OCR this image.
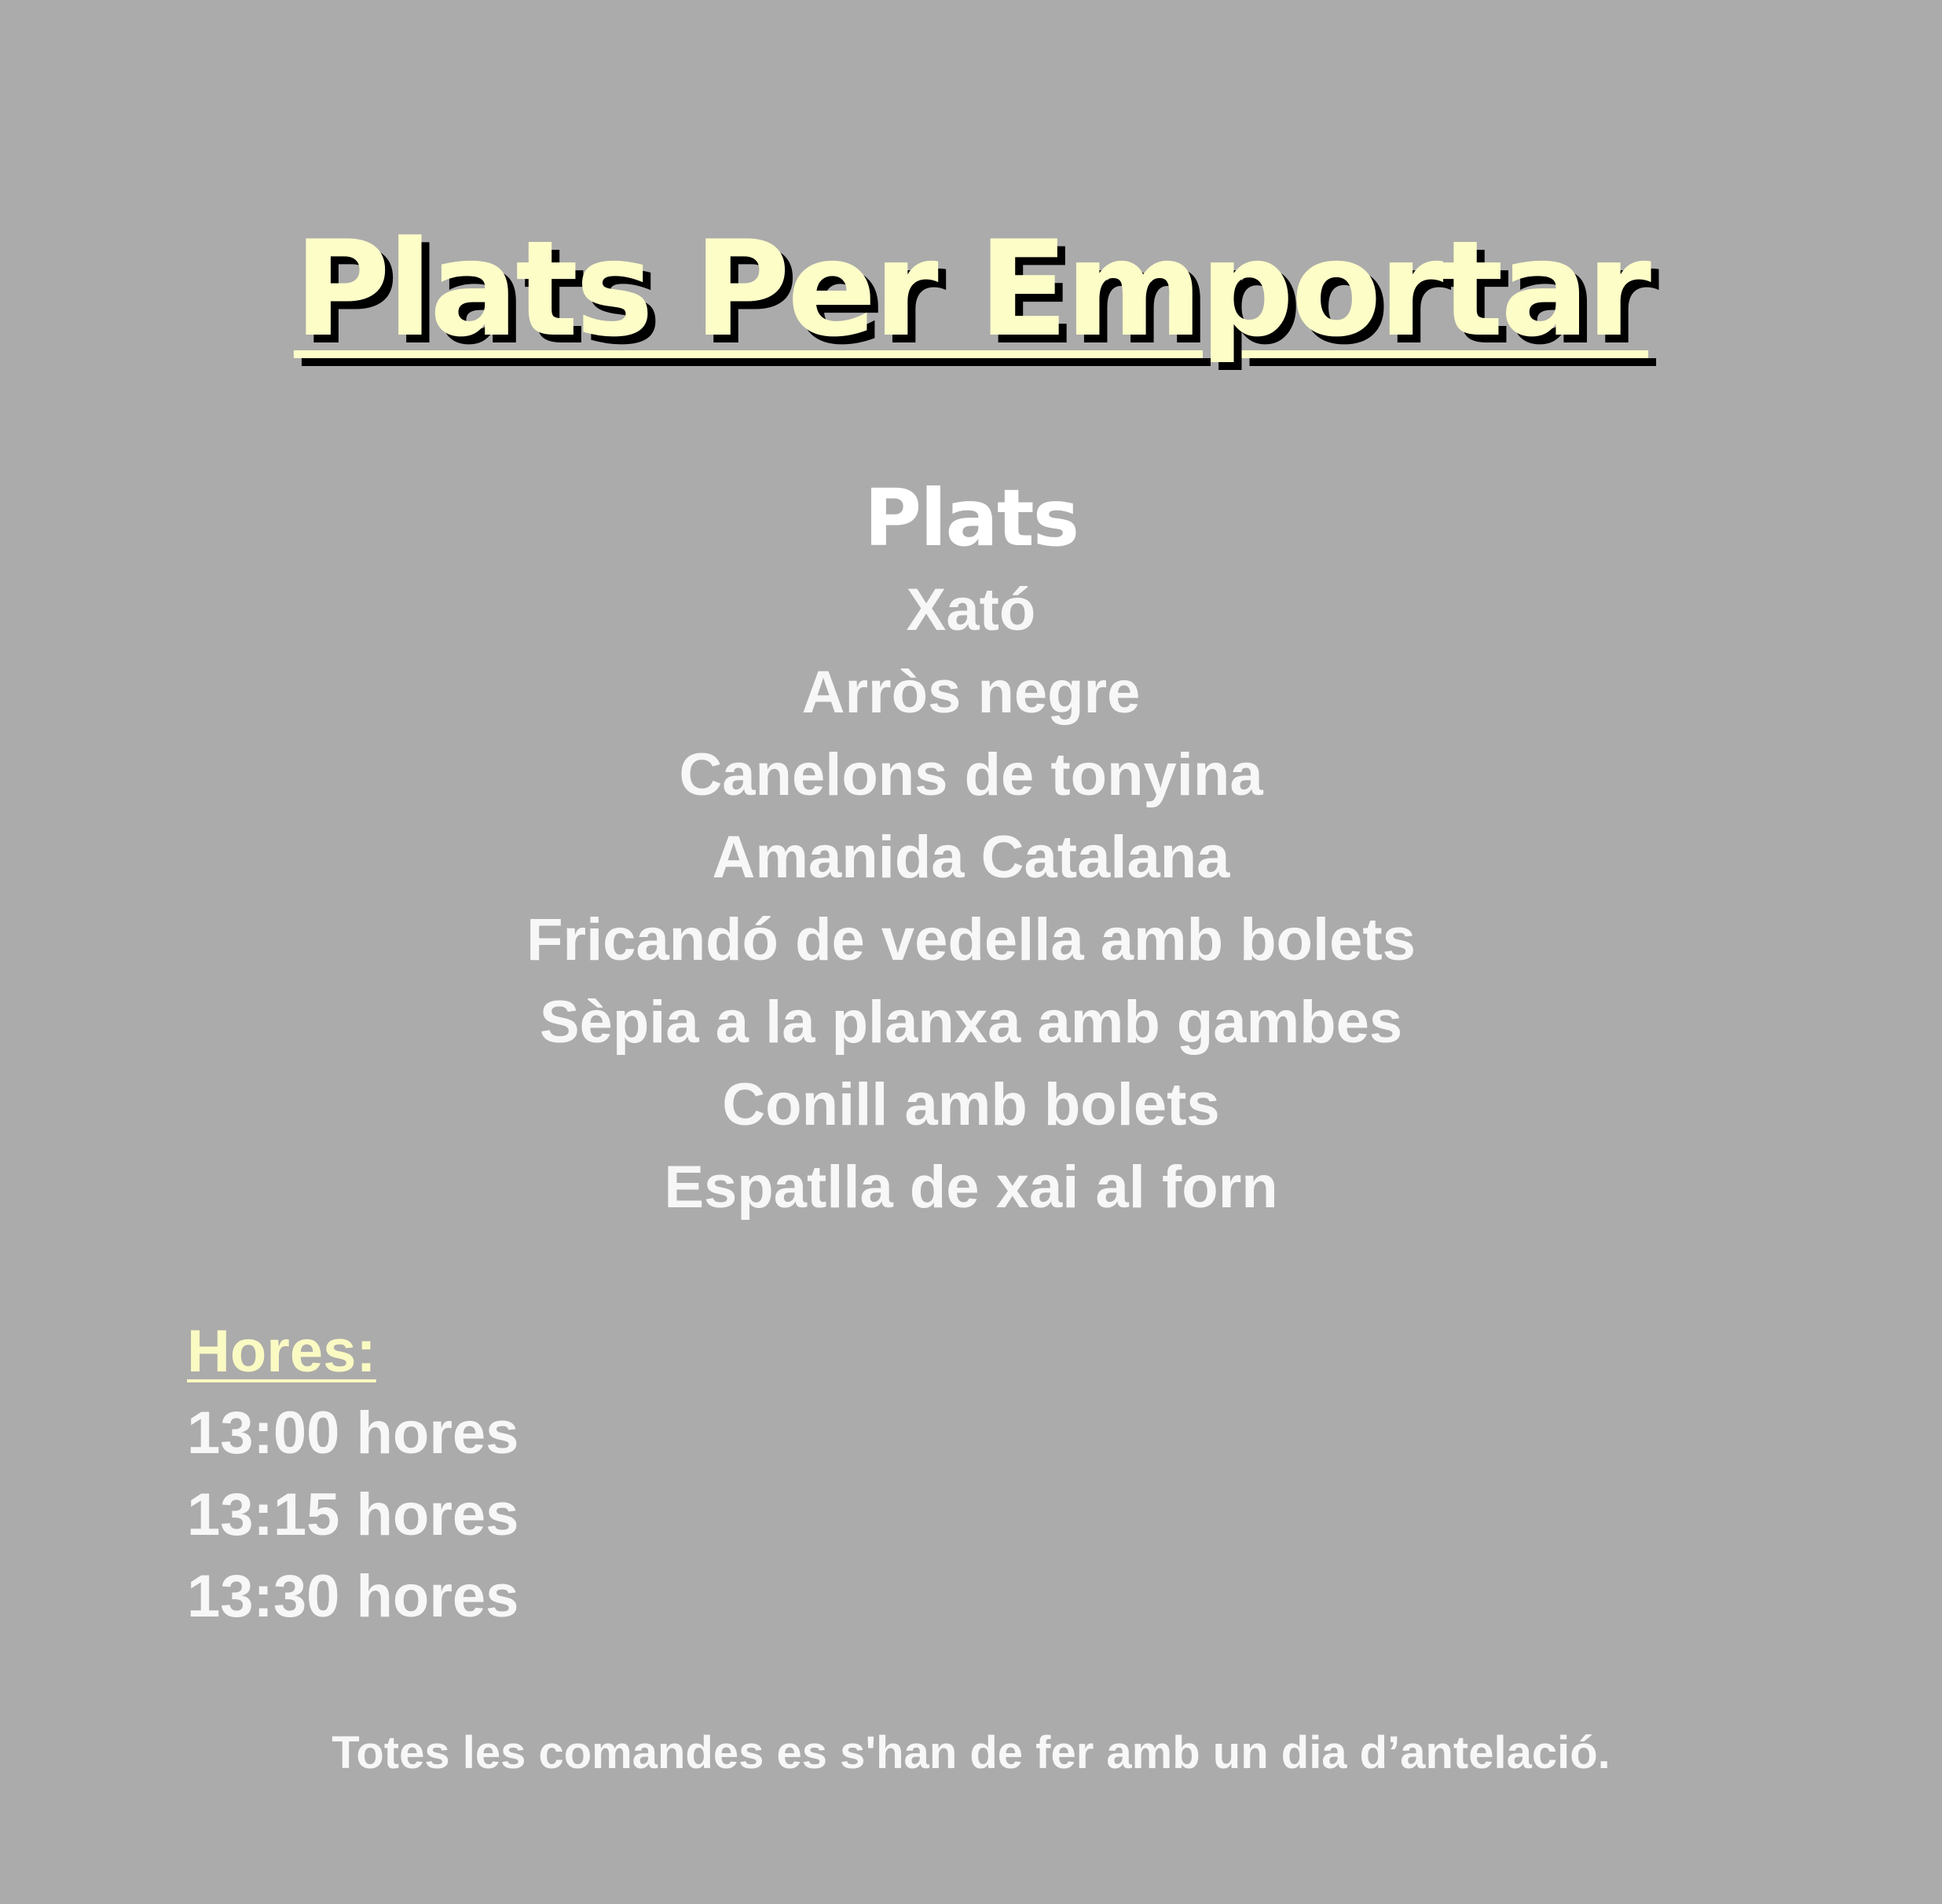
Plats Per Emportar
Plats
Xató
Arròs negre
Canelons de tonyina
Amanida Catalana
Fricandó de vedella amb bolets
Sèpia a la planxa amb gambes
Conill amb bolets
Espatlla de xai al forn
Hores:
13:00 hores
13:15 hores
13:30 hores

Totes les comandes es s'han de fer amb un dia d’antelació.
